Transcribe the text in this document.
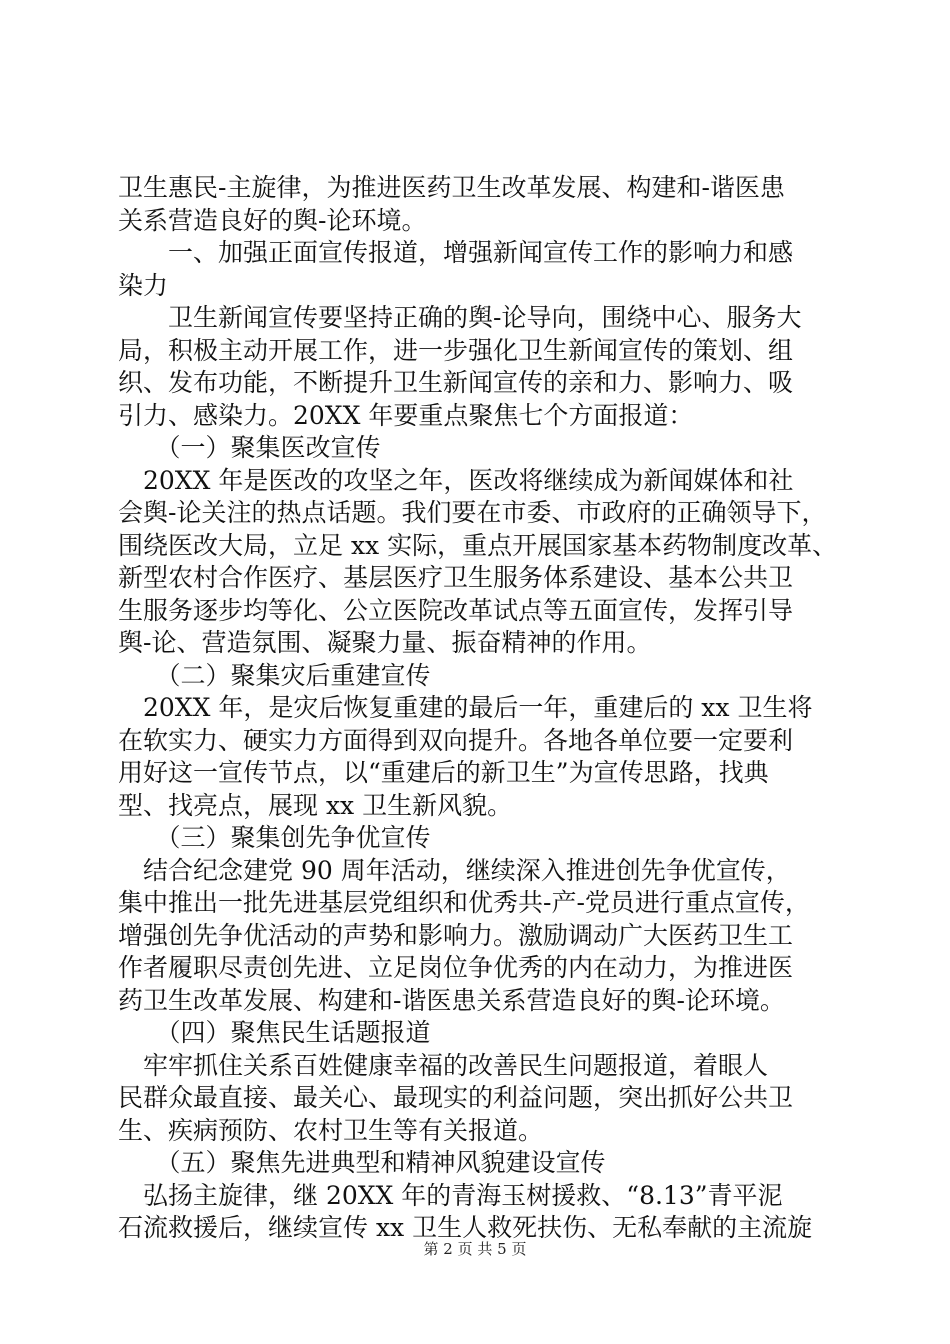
卫生惠民-主旋律，为推进医药卫生改革发展、构建和-谐医患
关系营造良好的舆-论环境。
　　一、加强正面宣传报道，增强新闻宣传工作的影响力和感
染力
　　卫生新闻宣传要坚持正确的舆-论导向，围绕中心、服务大
局，积极主动开展工作，进一步强化卫生新闻宣传的策划、组
织、发布功能，不断提升卫生新闻宣传的亲和力、影响力、吸
引力、感染力。20XX 年要重点聚焦七个方面报道：
　　（一）聚集医改宣传
　20XX 年是医改的攻坚之年，医改将继续成为新闻媒体和社
会舆-论关注的热点话题。我们要在市委、市政府的正确领导下，
围绕医改大局，立足 xx 实际，重点开展国家基本药物制度改革、
新型农村合作医疗、基层医疗卫生服务体系建设、基本公共卫
生服务逐步均等化、公立医院改革试点等五面宣传，发挥引导
舆-论、营造氛围、凝聚力量、振奋精神的作用。
　　（二）聚集灾后重建宣传
　20XX 年，是灾后恢复重建的最后一年，重建后的 xx 卫生将
在软实力、硬实力方面得到双向提升。各地各单位要一定要利
用好这一宣传节点，以“重建后的新卫生”为宣传思路，找典
型、找亮点，展现 xx 卫生新风貌。
　　（三）聚集创先争优宣传
　结合纪念建党 90 周年活动，继续深入推进创先争优宣传，
集中推出一批先进基层党组织和优秀共-产-党员进行重点宣传，
增强创先争优活动的声势和影响力。激励调动广大医药卫生工
作者履职尽责创先进、立足岗位争优秀的内在动力，为推进医
药卫生改革发展、构建和-谐医患关系营造良好的舆-论环境。
　　（四）聚焦民生话题报道
　牢牢抓住关系百姓健康幸福的改善民生问题报道，着眼人
民群众最直接、最关心、最现实的利益问题，突出抓好公共卫
生、疾病预防、农村卫生等有关报道。
　　（五）聚焦先进典型和精神风貌建设宣传
　弘扬主旋律，继 20XX 年的青海玉树援救、“8.13”青平泥
石流救援后，继续宣传 xx 卫生人救死扶伤、无私奉献的主流旋
第 2 页 共 5 页
